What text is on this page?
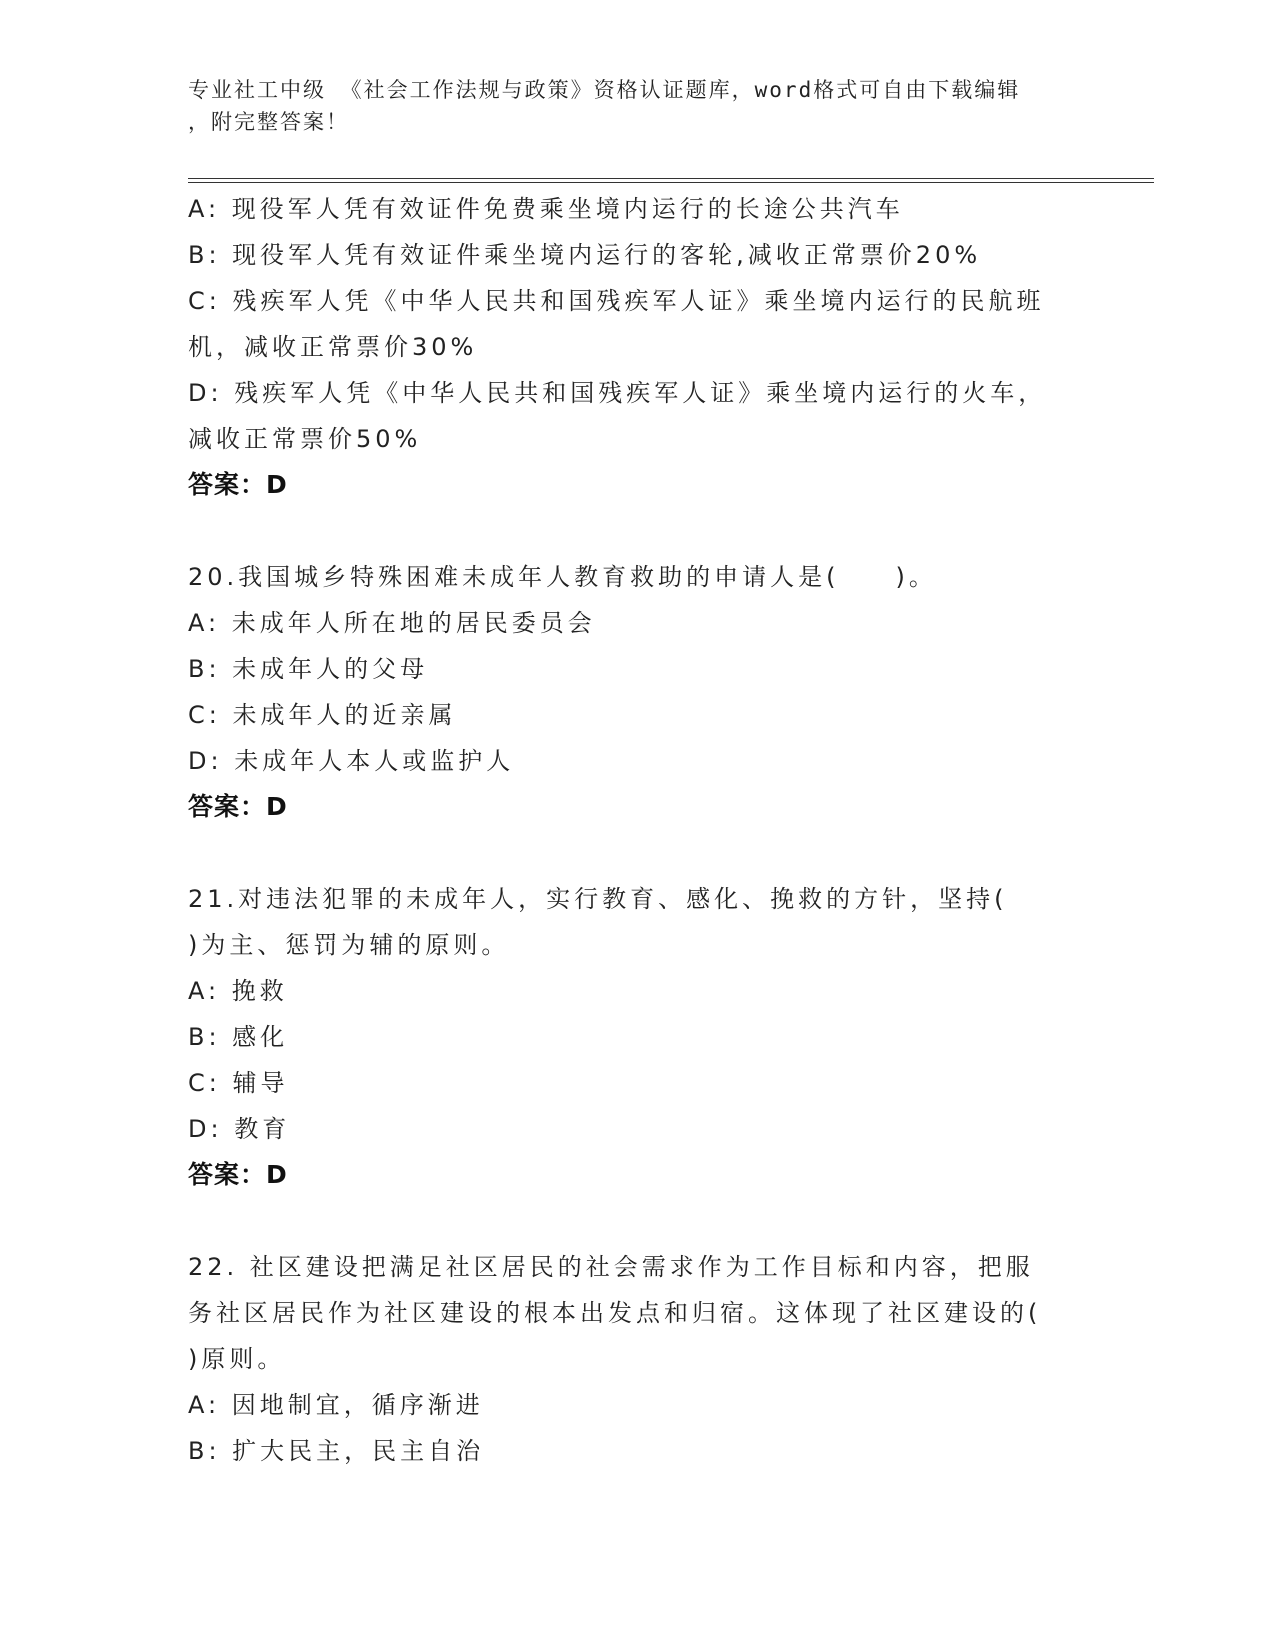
专业社工中级 《社会工作法规与政策》资格认证题库，word格式可自由下载编辑
，附完整答案！
A: 现役军人凭有效证件免费乘坐境内运行的长途公共汽车
B: 现役军人凭有效证件乘坐境内运行的客轮,减收正常票价20%
C: 残疾军人凭《中华人民共和国残疾军人证》乘坐境内运行的民航班
机，减收正常票价30%
D: 残疾军人凭《中华人民共和国残疾军人证》乘坐境内运行的火车，
减收正常票价50%
答案：D
20.我国城乡特殊困难未成年人教育救助的申请人是(　　)。
A: 未成年人所在地的居民委员会
B: 未成年人的父母
C: 未成年人的近亲属
D: 未成年人本人或监护人
答案：D
21.对违法犯罪的未成年人，实行教育、感化、挽救的方针，坚持(
)为主、惩罚为辅的原则。
A: 挽救
B: 感化
C: 辅导
D: 教育
答案：D
22. 社区建设把满足社区居民的社会需求作为工作目标和内容，把服
务社区居民作为社区建设的根本出发点和归宿。这体现了社区建设的(
)原则。
A: 因地制宜，循序渐进
B: 扩大民主，民主自治
